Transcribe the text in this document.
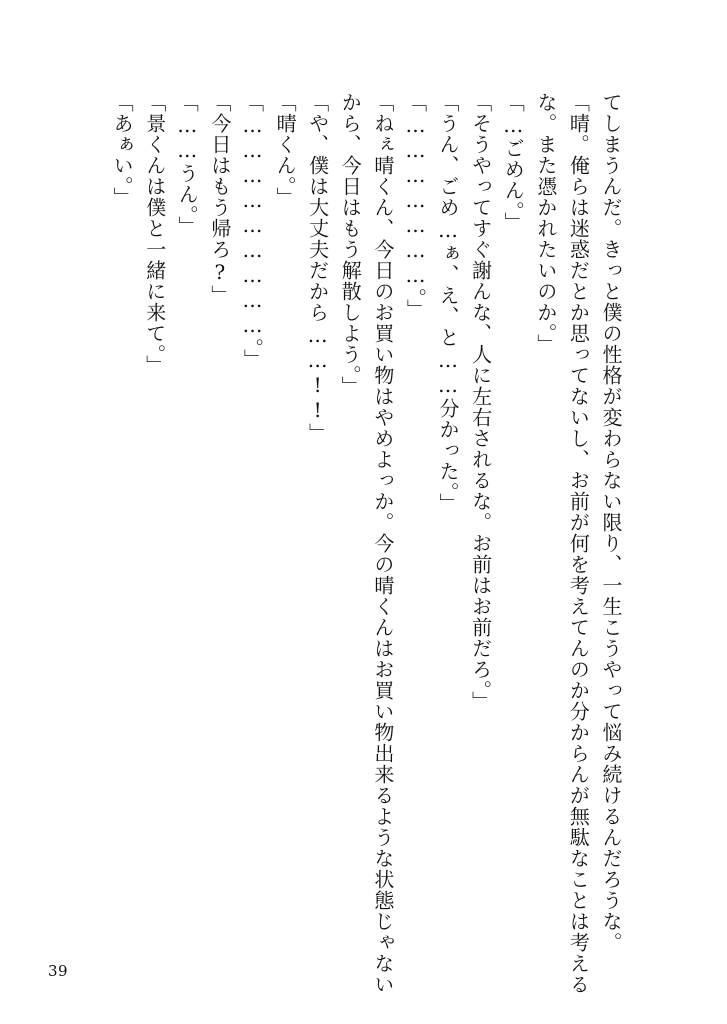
てしまうんだ。きっと僕の性格が変わらない限り、一生こうやって悩み続けるんだろうな。
「晴。俺らは迷惑だとか思ってないし、お前が何を考えてんのか分からんが無駄なことは考える
な。また憑かれたいのか。」
「…ごめん。」
「そうやってすぐ謝んな、人に左右されるな。お前はお前だろ。」
「うん、ごめ…ぁ、え、と……分かった。」
「…………………。」
「ねぇ晴くん、今日のお買い物はやめよっか。今の晴くんはお買い物出来るような状態じゃない
から、今日はもう解散しよう。」
「や、僕は大丈夫だから……!!」
「晴くん。」
「………………………。」
「今日はもう帰ろ?」
「……うん。」
「景くんは僕と一緒に来て。」
「あぁい。」
39
